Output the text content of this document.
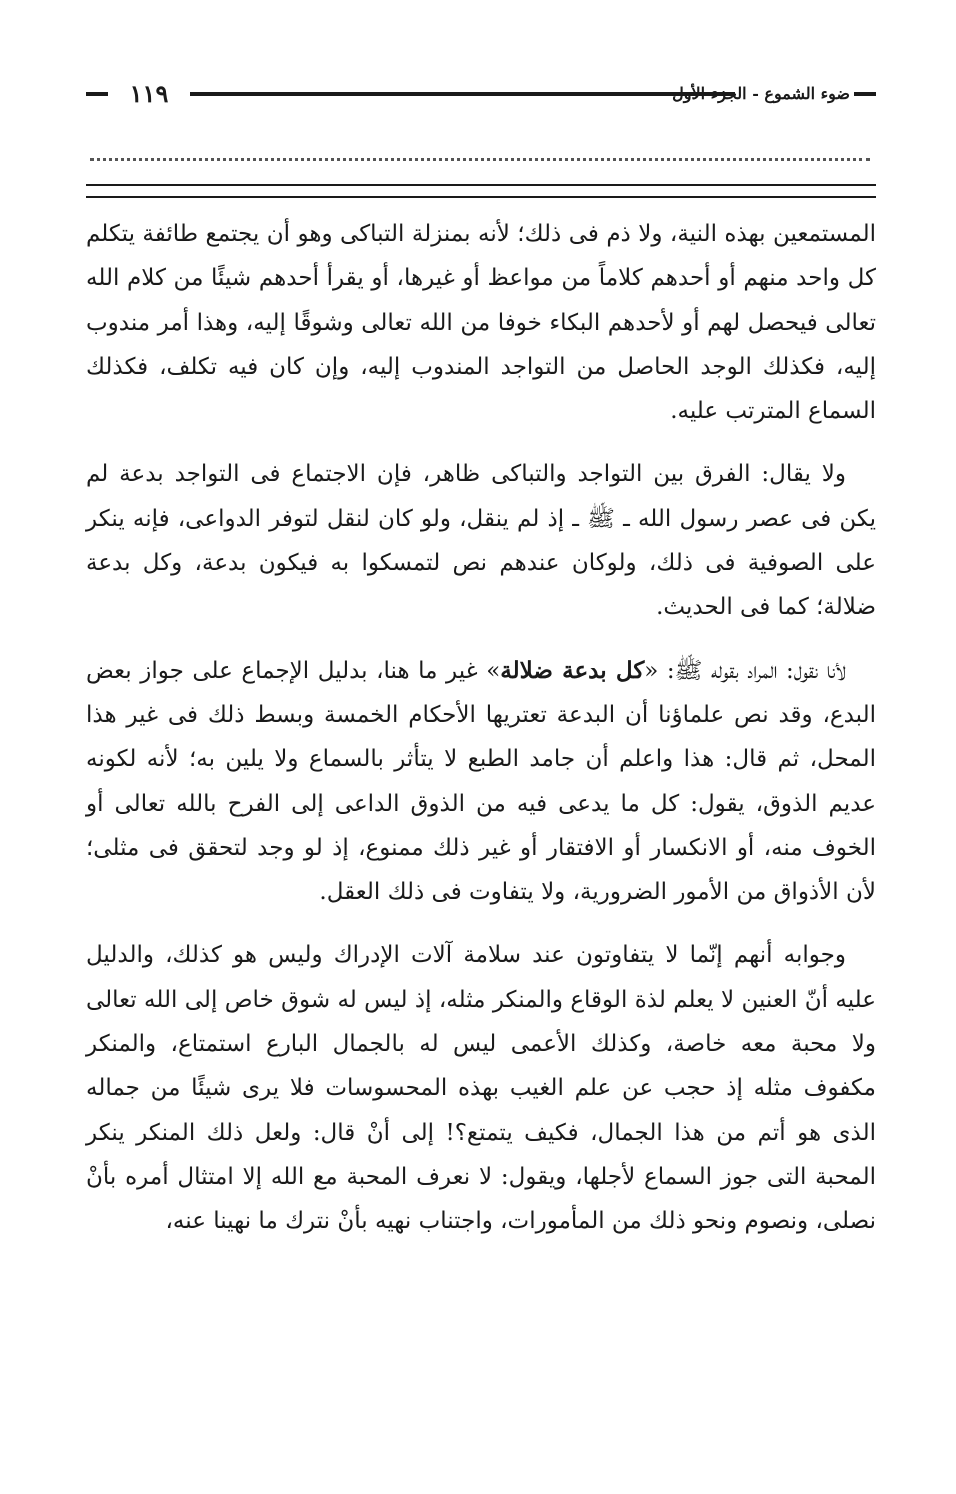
١١٩	ضوء الشموع - الجزء الأول

المستمعين بهذه النية، ولا ذم فى ذلك؛ لأنه بمنزلة التباكى وهو أن يجتمع طائفة يتكلم كل واحد منهم أو أحدهم كلاماً من مواعظ أو غيرها، أو يقرأ أحدهم شيئًا من كلام الله تعالى فيحصل لهم أو لأحدهم البكاء خوفا من الله تعالى وشوقًا إليه، وهذا أمر مندوب إليه، فكذلك الوجد الحاصل من التواجد المندوب إليه، وإن كان فيه تكلف، فكذلك السماع المترتب عليه.

ولا يقال: الفرق بين التواجد والتباكى ظاهر، فإن الاجتماع فى التواجد بدعة لم يكن فى عصر رسول الله ـ ﷺ ـ إذ لم ينقل، ولو كان لنقل لتوفر الدواعى، فإنه ينكر على الصوفية فى ذلك، ولوكان عندهم نص لتمسكوا به فيكون بدعة، وكل بدعة ضلالة؛ كما فى الحديث.

لأنا نقول: المراد بقوله ﷺ: «كل بدعة ضلالة» غير ما هنا، بدليل الإجماع على جواز بعض البدع، وقد نص علماؤنا أن البدعة تعتريها الأحكام الخمسة وبسط ذلك فى غير هذا المحل، ثم قال: هذا واعلم أن جامد الطبع لا يتأثر بالسماع ولا يلين به؛ لأنه لكونه عديم الذوق، يقول: كل ما يدعى فيه من الذوق الداعى إلى الفرح بالله تعالى أو الخوف منه، أو الانكسار أو الافتقار أو غير ذلك ممنوع، إذ لو وجد لتحقق فى مثلى؛ لأن الأذواق من الأمور الضرورية، ولا يتفاوت فى ذلك العقل.

وجوابه أنهم إنّما لا يتفاوتون عند سلامة آلات الإدراك وليس هو كذلك، والدليل عليه أنّ العنين لا يعلم لذة الوقاع والمنكر مثله، إذ ليس له شوق خاص إلى الله تعالى ولا محبة معه خاصة، وكذلك الأعمى ليس له بالجمال البارع استمتاع، والمنكر مكفوف مثله إذ حجب عن علم الغيب بهذه المحسوسات فلا يرى شيئًا من جماله الذى هو أتم من هذا الجمال، فكيف يتمتع؟! إلى أنْ قال: ولعل ذلك المنكر ينكر المحبة التى جوز السماع لأجلها، ويقول: لا نعرف المحبة مع الله إلا امتثال أمره بأنْ نصلى، ونصوم ونحو ذلك من المأمورات، واجتناب نهيه بأنْ نترك ما نهينا عنه،
